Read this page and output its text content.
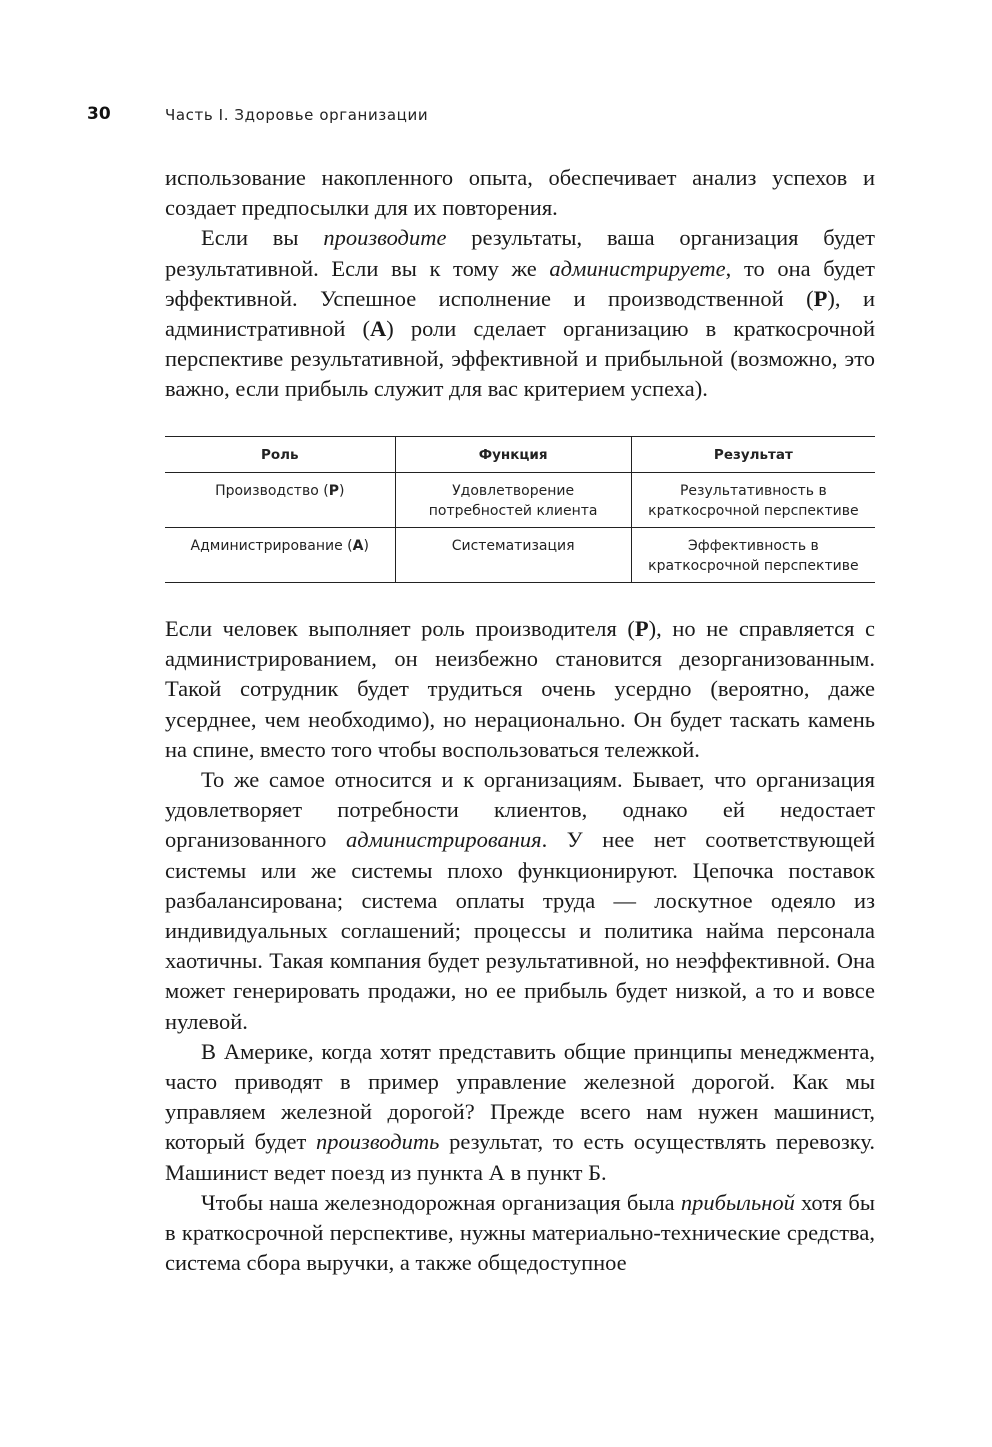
30	Часть I. Здоровье организации

использование накопленного опыта, обеспечивает анализ успехов и создает предпосылки для их повторения.

Если вы производите результаты, ваша организация будет результативной. Если вы к тому же администрируете, то она будет эффективной. Успешное исполнение и производственной (P), и административной (A) роли сделает организацию в краткосрочной перспективе результативной, эффективной и прибыльной (возможно, это важно, если прибыль служит для вас критерием успеха).

Роль	Функция	Результат
Производство (P)	Удовлетворение потребностей клиента	Результативность в краткосрочной перспективе
Администрирование (A)	Систематизация	Эффективность в краткосрочной перспективе

Если человек выполняет роль производителя (P), но не справляется с администрированием, он неизбежно становится дезорганизованным. Такой сотрудник будет трудиться очень усердно (вероятно, даже усерднее, чем необходимо), но нерационально. Он будет таскать камень на спине, вместо того чтобы воспользоваться тележкой.

То же самое относится и к организациям. Бывает, что организация удовлетворяет потребности клиентов, однако ей недостает организованного администрирования. У нее нет соответствующей системы или же системы плохо функционируют. Цепочка поставок разбалансирована; система оплаты труда — лоскутное одеяло из индивидуальных соглашений; процессы и политика найма персонала хаотичны. Такая компания будет результативной, но неэффективной. Она может генерировать продажи, но ее прибыль будет низкой, а то и вовсе нулевой.

В Америке, когда хотят представить общие принципы менеджмента, часто приводят в пример управление железной дорогой. Как мы управляем железной дорогой? Прежде всего нам нужен машинист, который будет производить результат, то есть осуществлять перевозку. Машинист ведет поезд из пункта А в пункт Б.

Чтобы наша железнодорожная организация была прибыльной хотя бы в краткосрочной перспективе, нужны материально-технические средства, система сбора выручки, а также общедоступное
